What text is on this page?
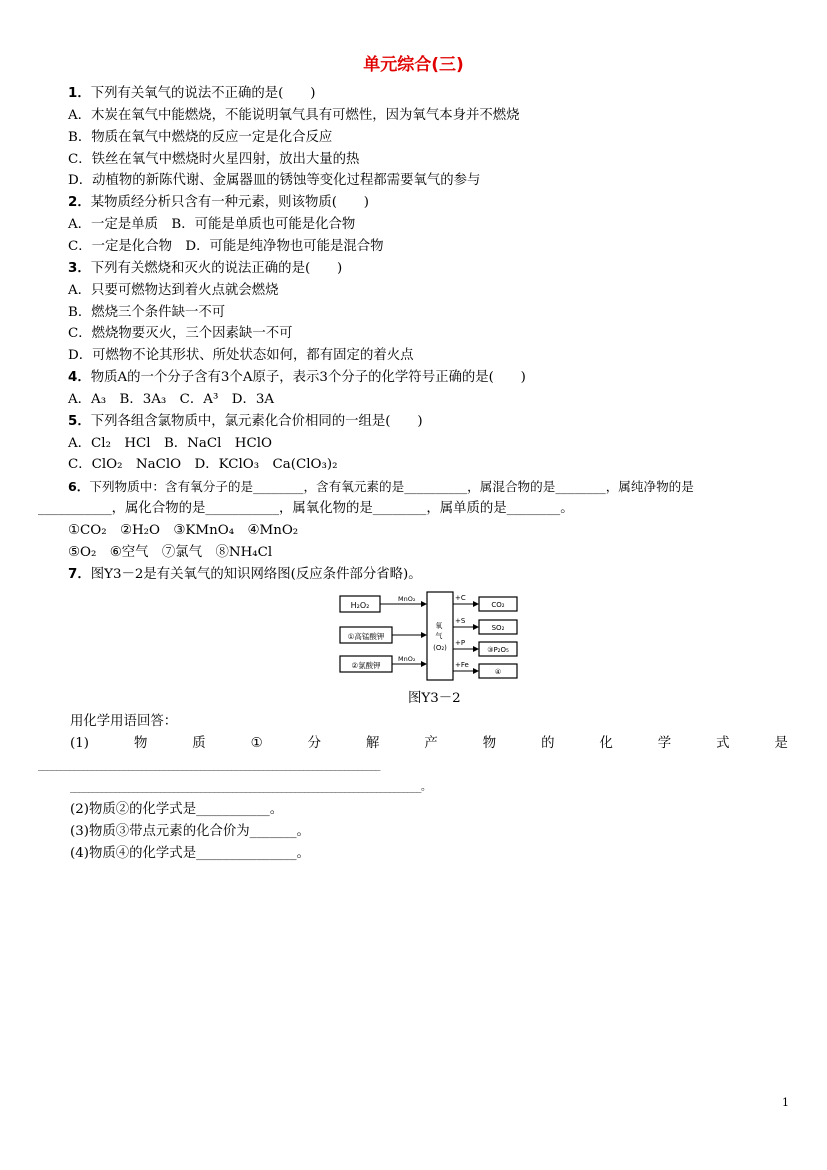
单元综合(三)
1．下列有关氧气的说法不正确的是(　　)
A．木炭在氧气中能燃烧，不能说明氧气具有可燃性，因为氧气本身并不燃烧
B．物质在氧气中燃烧的反应一定是化合反应
C．铁丝在氧气中燃烧时火星四射，放出大量的热
D．动植物的新陈代谢、金属器皿的锈蚀等变化过程都需要氧气的参与
2．某物质经分析只含有一种元素，则该物质(　　)
A．一定是单质　B．可能是单质也可能是化合物
C．一定是化合物　D．可能是纯净物也可能是混合物
3．下列有关燃烧和灭火的说法正确的是(　　)
A．只要可燃物达到着火点就会燃烧
B．燃烧三个条件缺一不可
C．燃烧物要灭火，三个因素缺一不可
D．可燃物不论其形状、所处状态如何，都有固定的着火点
4．物质A的一个分子含有3个A原子，表示3个分子的化学符号正确的是(　　)
A．A₃　B．3A₃　C．A³　D．3A
5．下列各组含氯物质中，氯元素化合价相同的一组是(　　)
A．Cl₂　HCl　B．NaCl　HClO
C．ClO₂　NaClO　D．KClO₃　Ca(ClO₃)₂
6．下列物质中：含有氧分子的是________，含有氧元素的是__________，属混合物的是________，属纯净物的是
___________，属化合物的是___________，属氧化物的是________，属单质的是________。
①CO₂　②H₂O　③KMnO₄　④MnO₂
⑤O₂　⑥空气　⑦氯气　⑧NH₄Cl
7．图Y3－2是有关氧气的知识网络图(反应条件部分省略)。
H₂O₂
①高锰酸钾
②氯酸钾
MnO₂
MnO₂
氧 气 (O₂)
+C
+S
+P
+Fe
CO₂
SO₂
③P₂O₅
④
图Y3－2
用化学用语回答：
(1)	物	质	①	分	解	产	物	的	化	学	式	是
____________________________________________________________________________
______________________________________________________________________________。
(2)物质②的化学式是___________。
(3)物质③带点元素的化合价为_______。
(4)物质④的化学式是_______________。
1
